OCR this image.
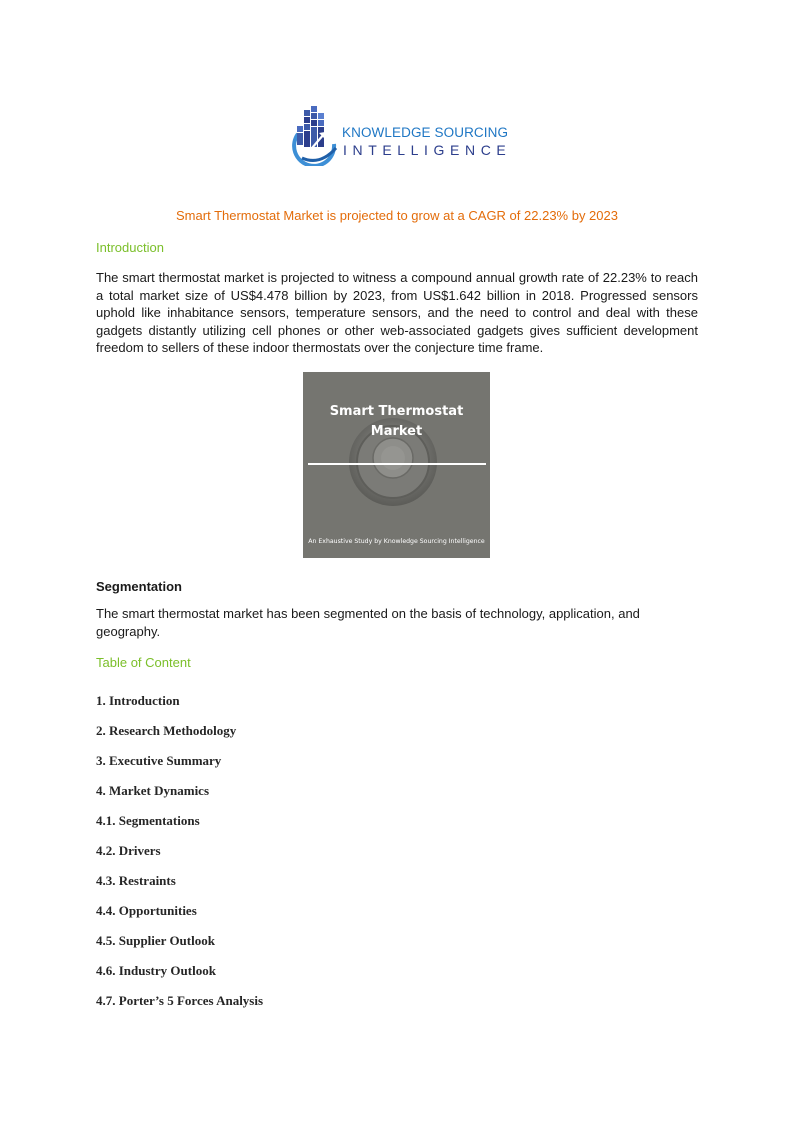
KNOWLEDGE SOURCING
INTELLIGENCE
Smart Thermostat Market is projected to grow at a CAGR of 22.23% by 2023
Introduction
The smart thermostat market is projected to witness a compound annual growth rate of 22.23% to reach a total market size of US$4.478 billion by 2023, from US$1.642 billion in 2018. Progressed sensors uphold like inhabitance sensors, temperature sensors, and the need to control and deal with these gadgets distantly utilizing cell phones or other web-associated gadgets gives sufficient development freedom to sellers of these indoor thermostats over the conjecture time frame.
Smart Thermostat
Market
An Exhaustive Study by Knowledge Sourcing Intelligence
Segmentation
The smart thermostat market has been segmented on the basis of technology, application, and geography.
Table of Content
1. Introduction
2. Research Methodology
3. Executive Summary
4. Market Dynamics
4.1. Segmentations
4.2. Drivers
4.3. Restraints
4.4. Opportunities
4.5. Supplier Outlook
4.6. Industry Outlook
4.7. Porter’s 5 Forces Analysis
